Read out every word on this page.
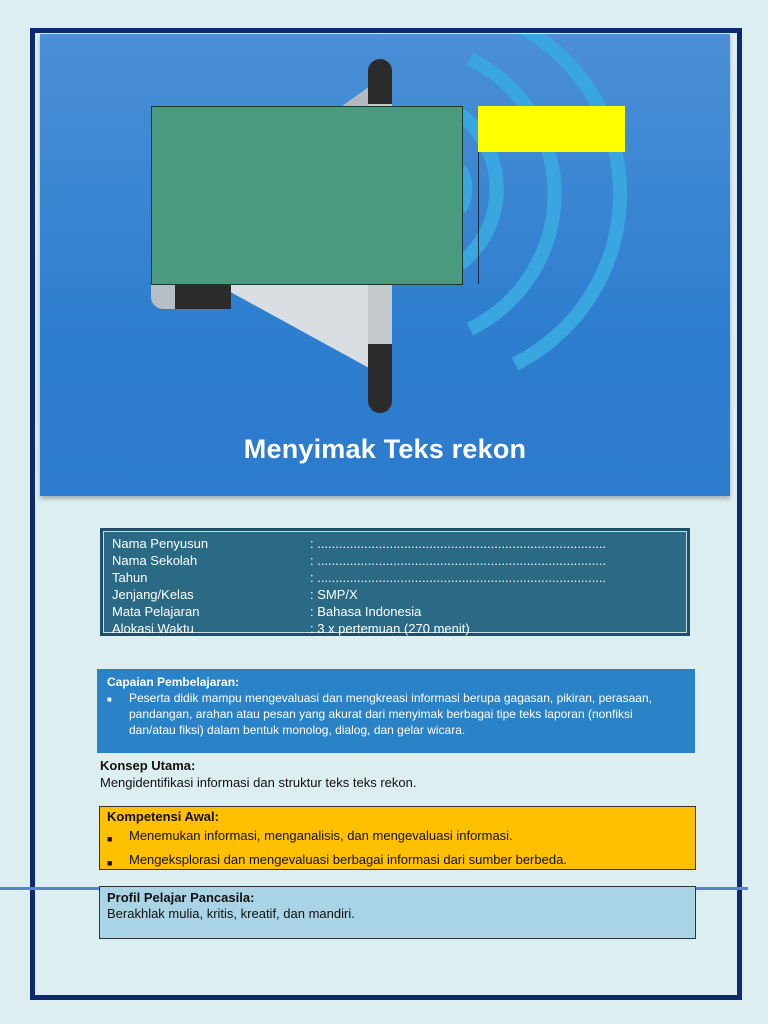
Menyimak Teks rekon
Nama Penyusun	: ................................................................................
Nama Sekolah	: ................................................................................
Tahun	: ................................................................................
Jenjang/Kelas	: SMP/X
Mata Pelajaran	: Bahasa Indonesia
Alokasi Waktu	: 3 x pertemuan (270 menit)
Capaian Pembelajaran:
■	Peserta didik mampu mengevaluasi dan mengkreasi informasi berupa gagasan, pikiran, perasaan,
pandangan, arahan atau pesan yang akurat dari menyimak berbagai tipe teks laporan (nonfiksi
dan/atau fiksi) dalam bentuk monolog, dialog, dan gelar wicara.
Konsep Utama:
Mengidentifikasi informasi dan struktur teks teks rekon.
Kompetensi Awal:
■	Menemukan informasi, menganalisis, dan mengevaluasi informasi.
■	Mengeksplorasi dan mengevaluasi berbagai informasi dari sumber berbeda.
Profil Pelajar Pancasila:
Berakhlak mulia, kritis, kreatif, dan mandiri.
